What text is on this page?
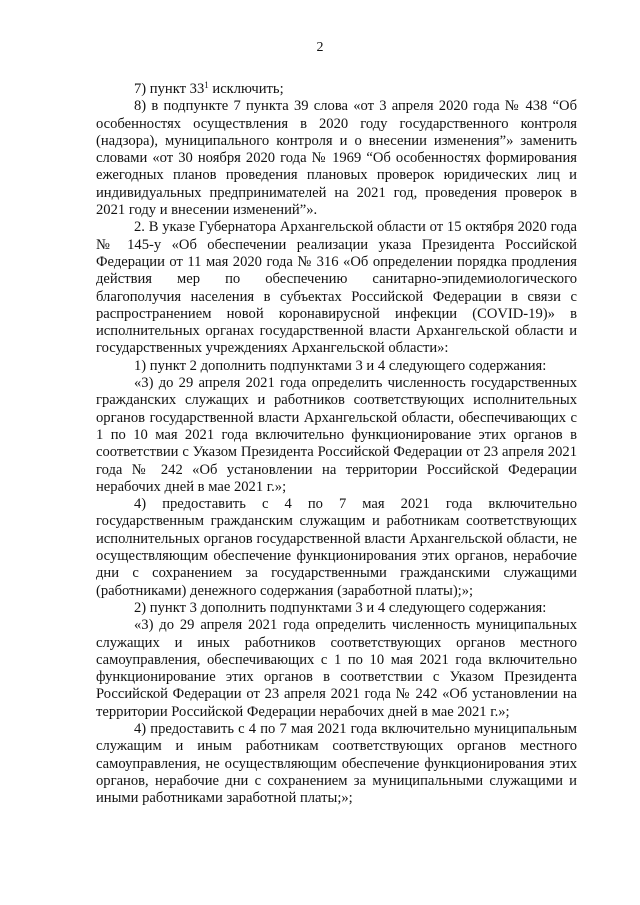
2

7) пункт $33^1$ исключить;

8) в подпункте 7 пункта 39 слова «от 3 апреля 2020 года № 438 “Об особенностях осуществления в 2020 году государственного контроля (надзора), муниципального контроля и о внесении изменения”» заменить словами «от 30 ноября 2020 года № 1969 “Об особенностях формирования ежегодных планов проведения плановых проверок юридических лиц и индивидуальных предпринимателей на 2021 год, проведения проверок в 2021 году и внесении изменений”».

2. В указе Губернатора Архангельской области от 15 октября 2020 года № 145-у «Об обеспечении реализации указа Президента Российской Федерации от 11 мая 2020 года № 316 «Об определении порядка продления действия мер по обеспечению санитарно-эпидемиологического благополучия населения в субъектах Российской Федерации в связи с распространением новой коронавирусной инфекции (COVID-19)» в исполнительных органах государственной власти Архангельской области и государственных учреждениях Архангельской области»:

1) пункт 2 дополнить подпунктами 3 и 4 следующего содержания:

«3) до 29 апреля 2021 года определить численность государственных гражданских служащих и работников соответствующих исполнительных органов государственной власти Архангельской области, обеспечивающих с 1 по 10 мая 2021 года включительно функционирование этих органов в соответствии с Указом Президента Российской Федерации от 23 апреля 2021 года № 242 «Об установлении на территории Российской Федерации нерабочих дней в мае 2021 г.»;

4) предоставить с 4 по 7 мая 2021 года включительно государственным гражданским служащим и работникам соответствующих исполнительных органов государственной власти Архангельской области, не осуществляющим обеспечение функционирования этих органов, нерабочие дни с сохранением за государственными гражданскими служащими (работниками) денежного содержания (заработной платы);»;

2) пункт 3 дополнить подпунктами 3 и 4 следующего содержания:

«3) до 29 апреля 2021 года определить численность муниципальных служащих и иных работников соответствующих органов местного самоуправления, обеспечивающих с 1 по 10 мая 2021 года включительно функционирование этих органов в соответствии с Указом Президента Российской Федерации от 23 апреля 2021 года № 242 «Об установлении на территории Российской Федерации нерабочих дней в мае 2021 г.»;

4) предоставить с 4 по 7 мая 2021 года включительно муниципальным служащим и иным работникам соответствующих органов местного самоуправления, не осуществляющим обеспечение функционирования этих органов, нерабочие дни с сохранением за муниципальными служащими и иными работниками заработной платы;»;
